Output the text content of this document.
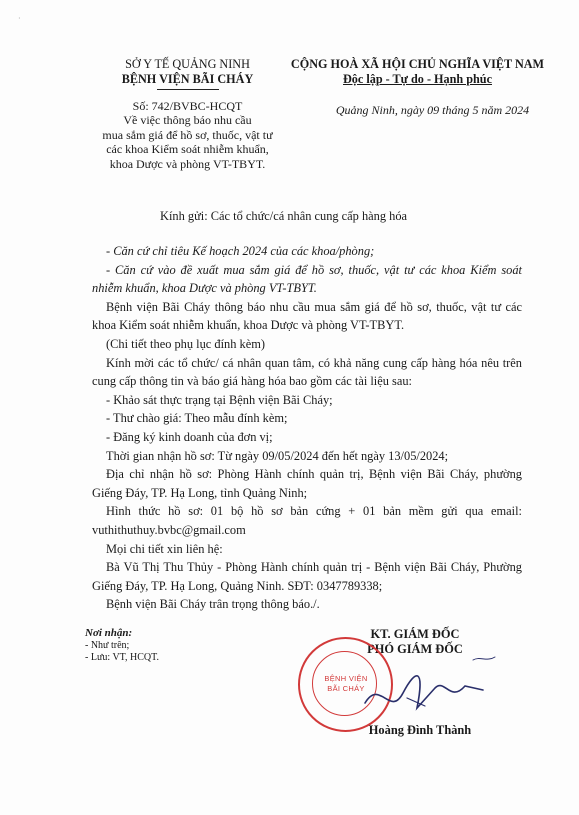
·
SỞ Y TẾ QUẢNG NINH
BỆNH VIỆN BÃI CHÁY
CỘNG HOÀ XÃ HỘI CHỦ NGHĨA VIỆT NAM
Độc lập - Tự do - Hạnh phúc
Số: 742/BVBC-HCQT
Về việc thông báo nhu cầu
mua sắm giá để hồ sơ, thuốc, vật tư
các khoa Kiểm soát nhiễm khuẩn,
khoa Dược và phòng VT-TBYT.
Quảng Ninh, ngày 09 tháng 5 năm 2024
Kính gửi: Các tổ chức/cá nhân cung cấp hàng hóa

- Căn cứ chỉ tiêu Kế hoạch 2024 của các khoa/phòng;

- Căn cứ vào đề xuất mua sắm giá để hồ sơ, thuốc, vật tư các khoa Kiểm soát nhiễm khuẩn, khoa Dược và phòng VT-TBYT.

Bệnh viện Bãi Cháy thông báo nhu cầu mua sắm giá để hồ sơ, thuốc, vật tư các khoa Kiểm soát nhiễm khuẩn, khoa Dược và phòng VT-TBYT.

(Chi tiết theo phụ lục đính kèm)

Kính mời các tổ chức/ cá nhân quan tâm, có khả năng cung cấp hàng hóa nêu trên cung cấp thông tin và báo giá hàng hóa bao gồm các tài liệu sau:

- Khảo sát thực trạng tại Bệnh viện Bãi Cháy;

- Thư chào giá: Theo mẫu đính kèm;

- Đăng ký kinh doanh của đơn vị;

Thời gian nhận hồ sơ: Từ ngày 09/05/2024 đến hết ngày 13/05/2024;

Địa chỉ nhận hồ sơ: Phòng Hành chính quản trị, Bệnh viện Bãi Cháy, phường Giếng Đáy, TP. Hạ Long, tỉnh Quảng Ninh;

Hình thức hồ sơ: 01 bộ hồ sơ bản cứng + 01 bản mềm gửi qua email: vuthithuthuy.bvbc@gmail.com

Mọi chi tiết xin liên hệ:

Bà Vũ Thị Thu Thủy - Phòng Hành chính quản trị - Bệnh viện Bãi Cháy, Phường Giếng Đáy, TP. Hạ Long, Quảng Ninh. SĐT: 0347789338;

Bệnh viện Bãi Cháy trân trọng thông báo./.

Nơi nhận:
- Như trên;
- Lưu: VT, HCQT.
KT. GIÁM ĐỐC
PHÓ GIÁM ĐỐC
BỆNH VIỆN
BÃI CHÁY
Hoàng Đình Thành
